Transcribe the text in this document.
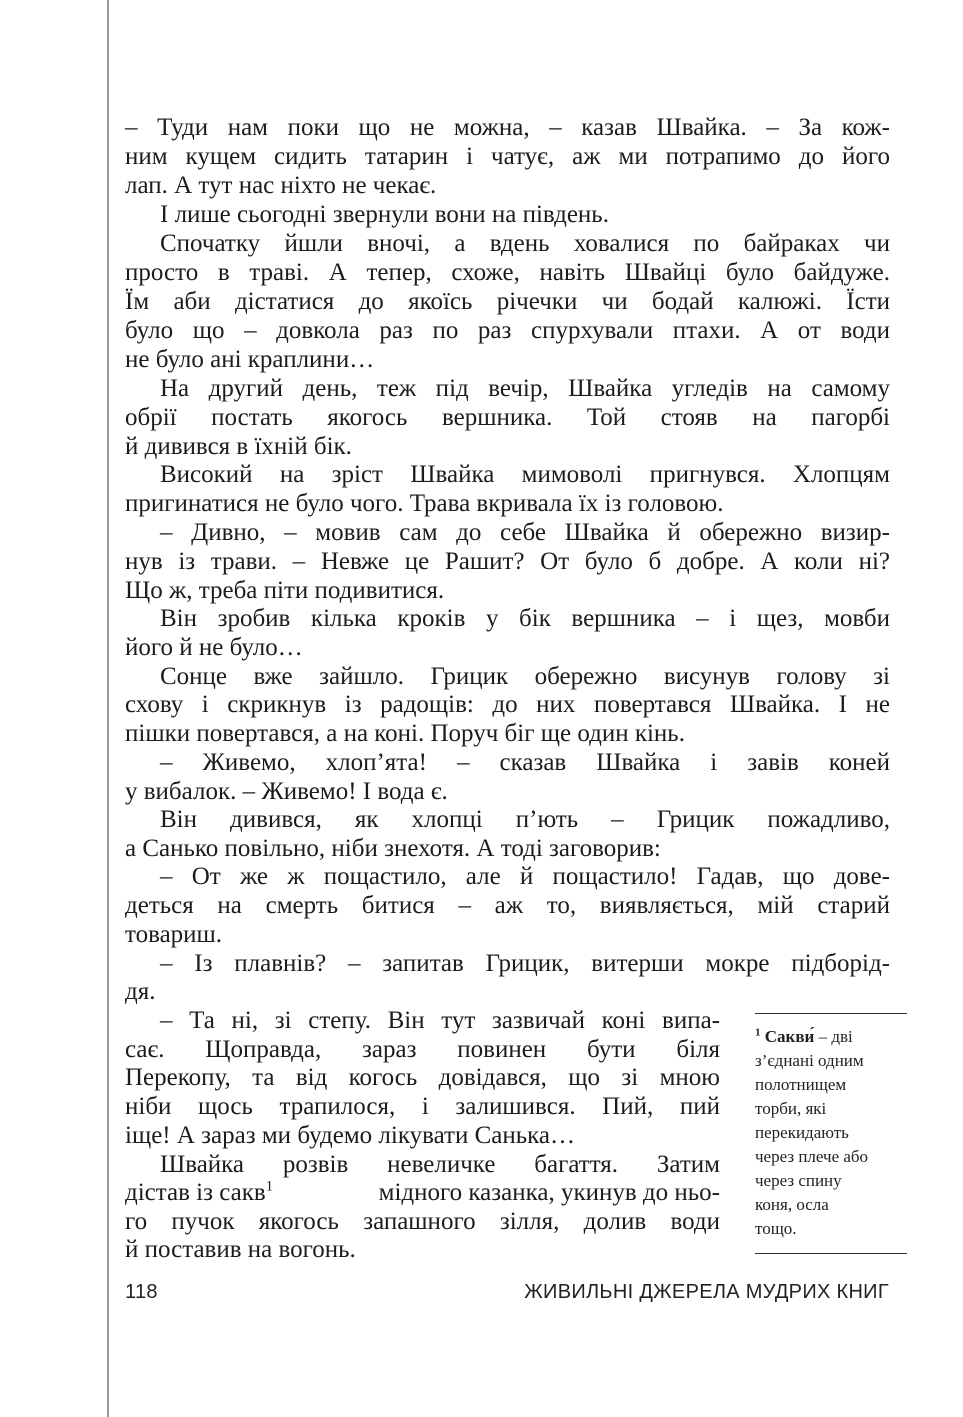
– Туди нам поки що не можна, – казав Швайка. – За кож-
ним кущем сидить татарин і чатує, аж ми потрапимо до його
лап. А тут нас ніхто не чекає.
І лише сьогодні звернули вони на південь.
Спочатку йшли вночі, а вдень ховалися по байраках чи
просто в траві. А тепер, схоже, навіть Швайці було байдуже.
Їм аби дістатися до якоїсь річечки чи бодай калюжі. Їсти
було що – довкола раз по раз спурхували птахи. А от води
не було ані краплини…
На другий день, теж під вечір, Швайка угледів на самому
обрії постать якогось вершника. Той стояв на пагорбі
й дивився в їхній бік.
Високий на зріст Швайка мимоволі пригнувся. Хлопцям
пригинатися не було чого. Трава вкривала їх із головою.
– Дивно, – мовив сам до себе Швайка й обережно визир-
нув із трави. – Невже це Рашит? От було б добре. А коли ні?
Що ж, треба піти подивитися.
Він зробив кілька кроків у бік вершника – і щез, мовби
його й не було…
Сонце вже зайшло. Грицик обережно висунув голову зі
схову і скрикнув із радощів: до них повертався Швайка. І не
пішки повертався, а на коні. Поруч біг ще один кінь.
– Живемо, хлоп’ята! – сказав Швайка і завів коней
у вибалок. – Живемо! І вода є.
Він дивився, як хлопці п’ють – Грицик пожадливо,
а Санько повільно, ніби знехотя. А тоді заговорив:
– От же ж пощастило, але й пощастило! Гадав, що дове-
деться на смерть битися – аж то, виявляється, мій старий
товариш.
– Із плавнів? – запитав Грицик, витерши мокре підборід-
дя.
– Та ні, зі степу. Він тут зазвичай коні випа-
сає. Щоправда, зараз повинен бути біля
Перекопу, та від когось довідався, що зі мною
ніби щось трапилося, і залишився. Пий, пий
іще! А зараз ми будемо лікувати Санька…
Швайка розвів невеличке багаття. Затим
дістав із сакв$^1$	мідного казанка, укинув до ньо-
го пучок якогось запашного зілля, долив води
й поставив на вогонь.
$^1$ Сакви́ – дві
з’єднані одним
полотнищем
торби, які
перекидають
через плече або
через спину
коня, осла
тощо.
118	ЖИВИЛЬНІ ДЖЕРЕЛА МУДРИХ КНИГ
